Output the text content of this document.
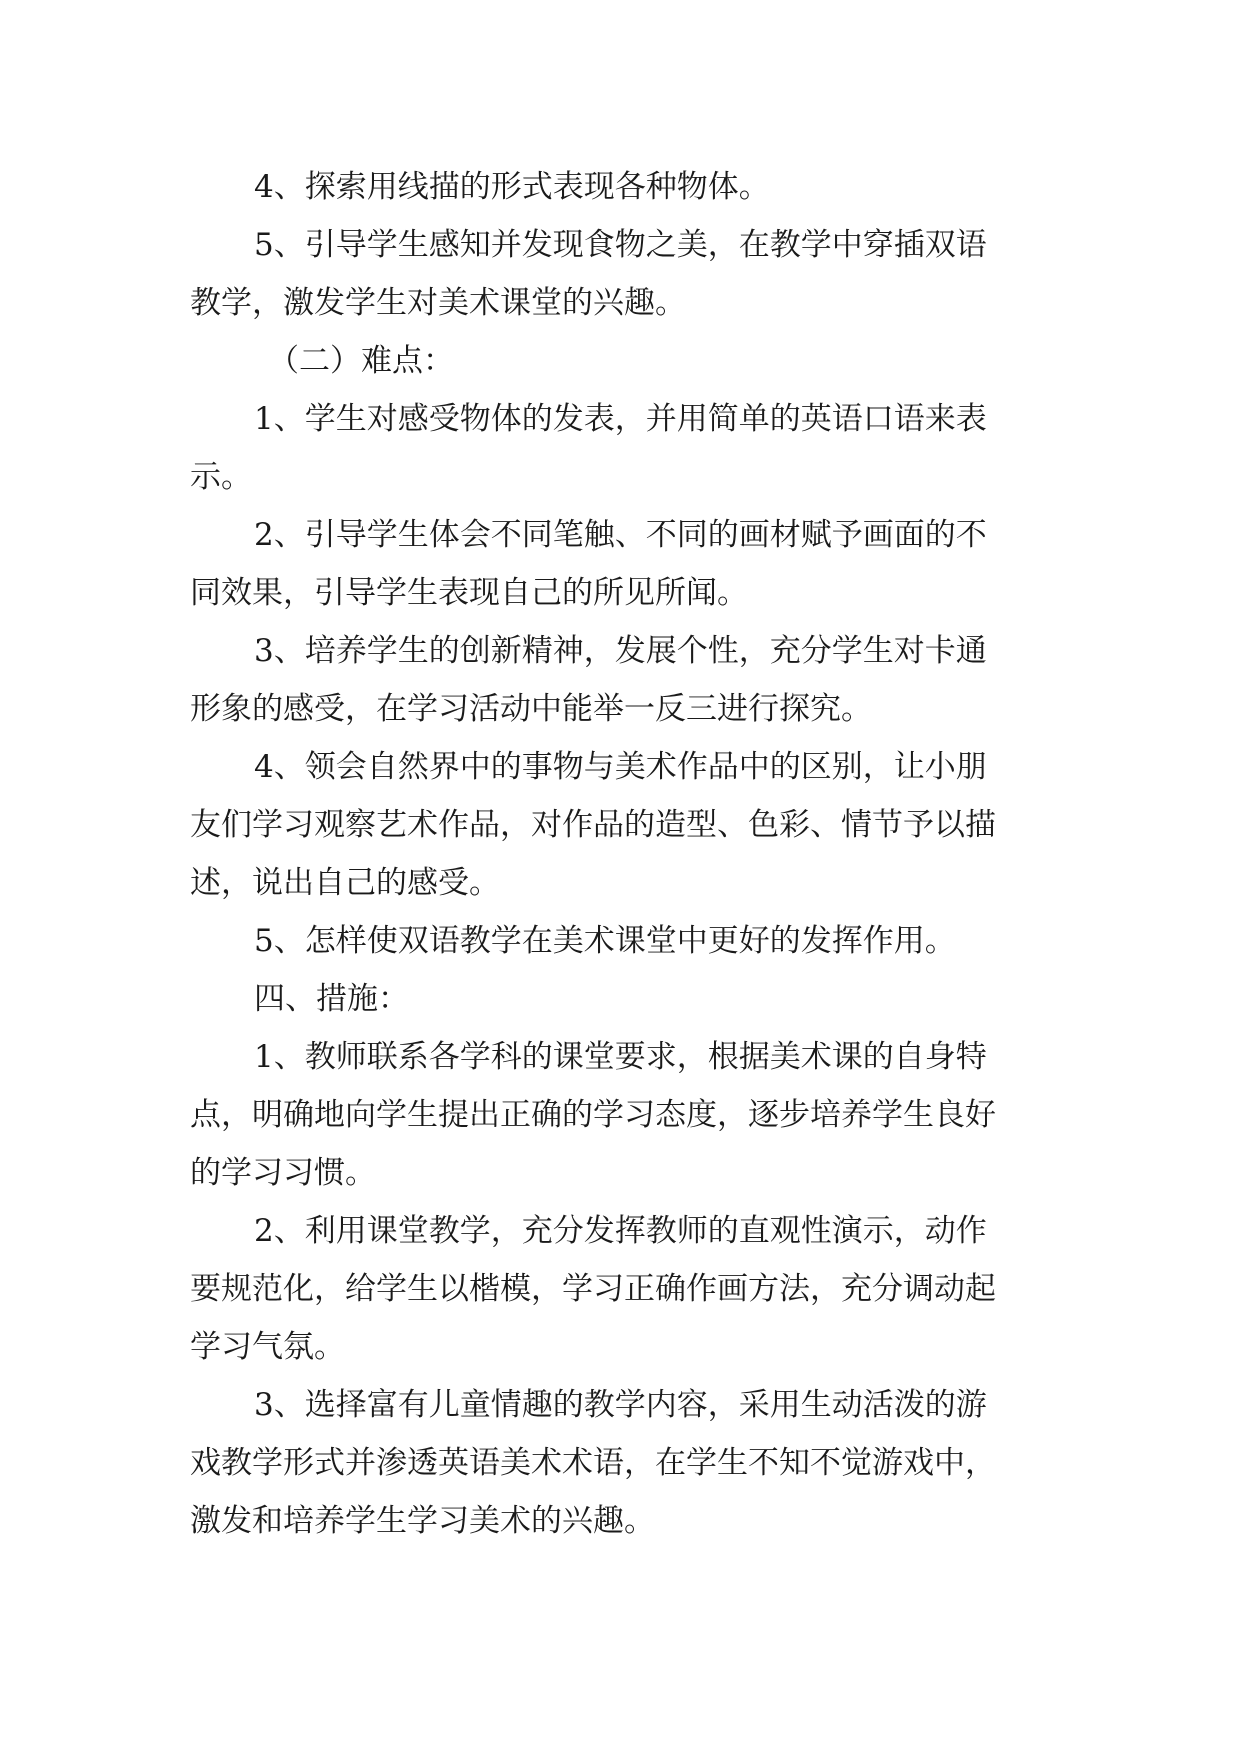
4、探索用线描的形式表现各种物体。

5、引导学生感知并发现食物之美，在教学中穿插双语
教学，激发学生对美术课堂的兴趣。

（二）难点：

1、学生对感受物体的发表，并用简单的英语口语来表
示。

2、引导学生体会不同笔触、不同的画材赋予画面的不
同效果，引导学生表现自己的所见所闻。

3、培养学生的创新精神，发展个性，充分学生对卡通
形象的感受，在学习活动中能举一反三进行探究。

4、领会自然界中的事物与美术作品中的区别，让小朋
友们学习观察艺术作品，对作品的造型、色彩、情节予以描
述，说出自己的感受。

5、怎样使双语教学在美术课堂中更好的发挥作用。

四、措施：

1、教师联系各学科的课堂要求，根据美术课的自身特
点，明确地向学生提出正确的学习态度，逐步培养学生良好
的学习习惯。

2、利用课堂教学，充分发挥教师的直观性演示，动作
要规范化，给学生以楷模，学习正确作画方法，充分调动起
学习气氛。

3、选择富有儿童情趣的教学内容，采用生动活泼的游
戏教学形式并渗透英语美术术语，在学生不知不觉游戏中，
激发和培养学生学习美术的兴趣。
